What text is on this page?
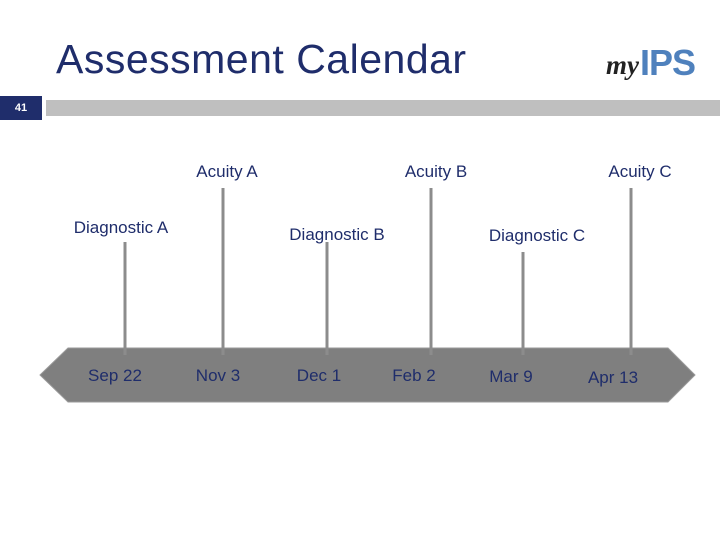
Assessment Calendar	my IPS
41
Acuity A	Acuity B	Acuity C
Diagnostic A	Diagnostic B	Diagnostic C
Sep 22	Nov 3	Dec 1	Feb 2	Mar 9	Apr 13
